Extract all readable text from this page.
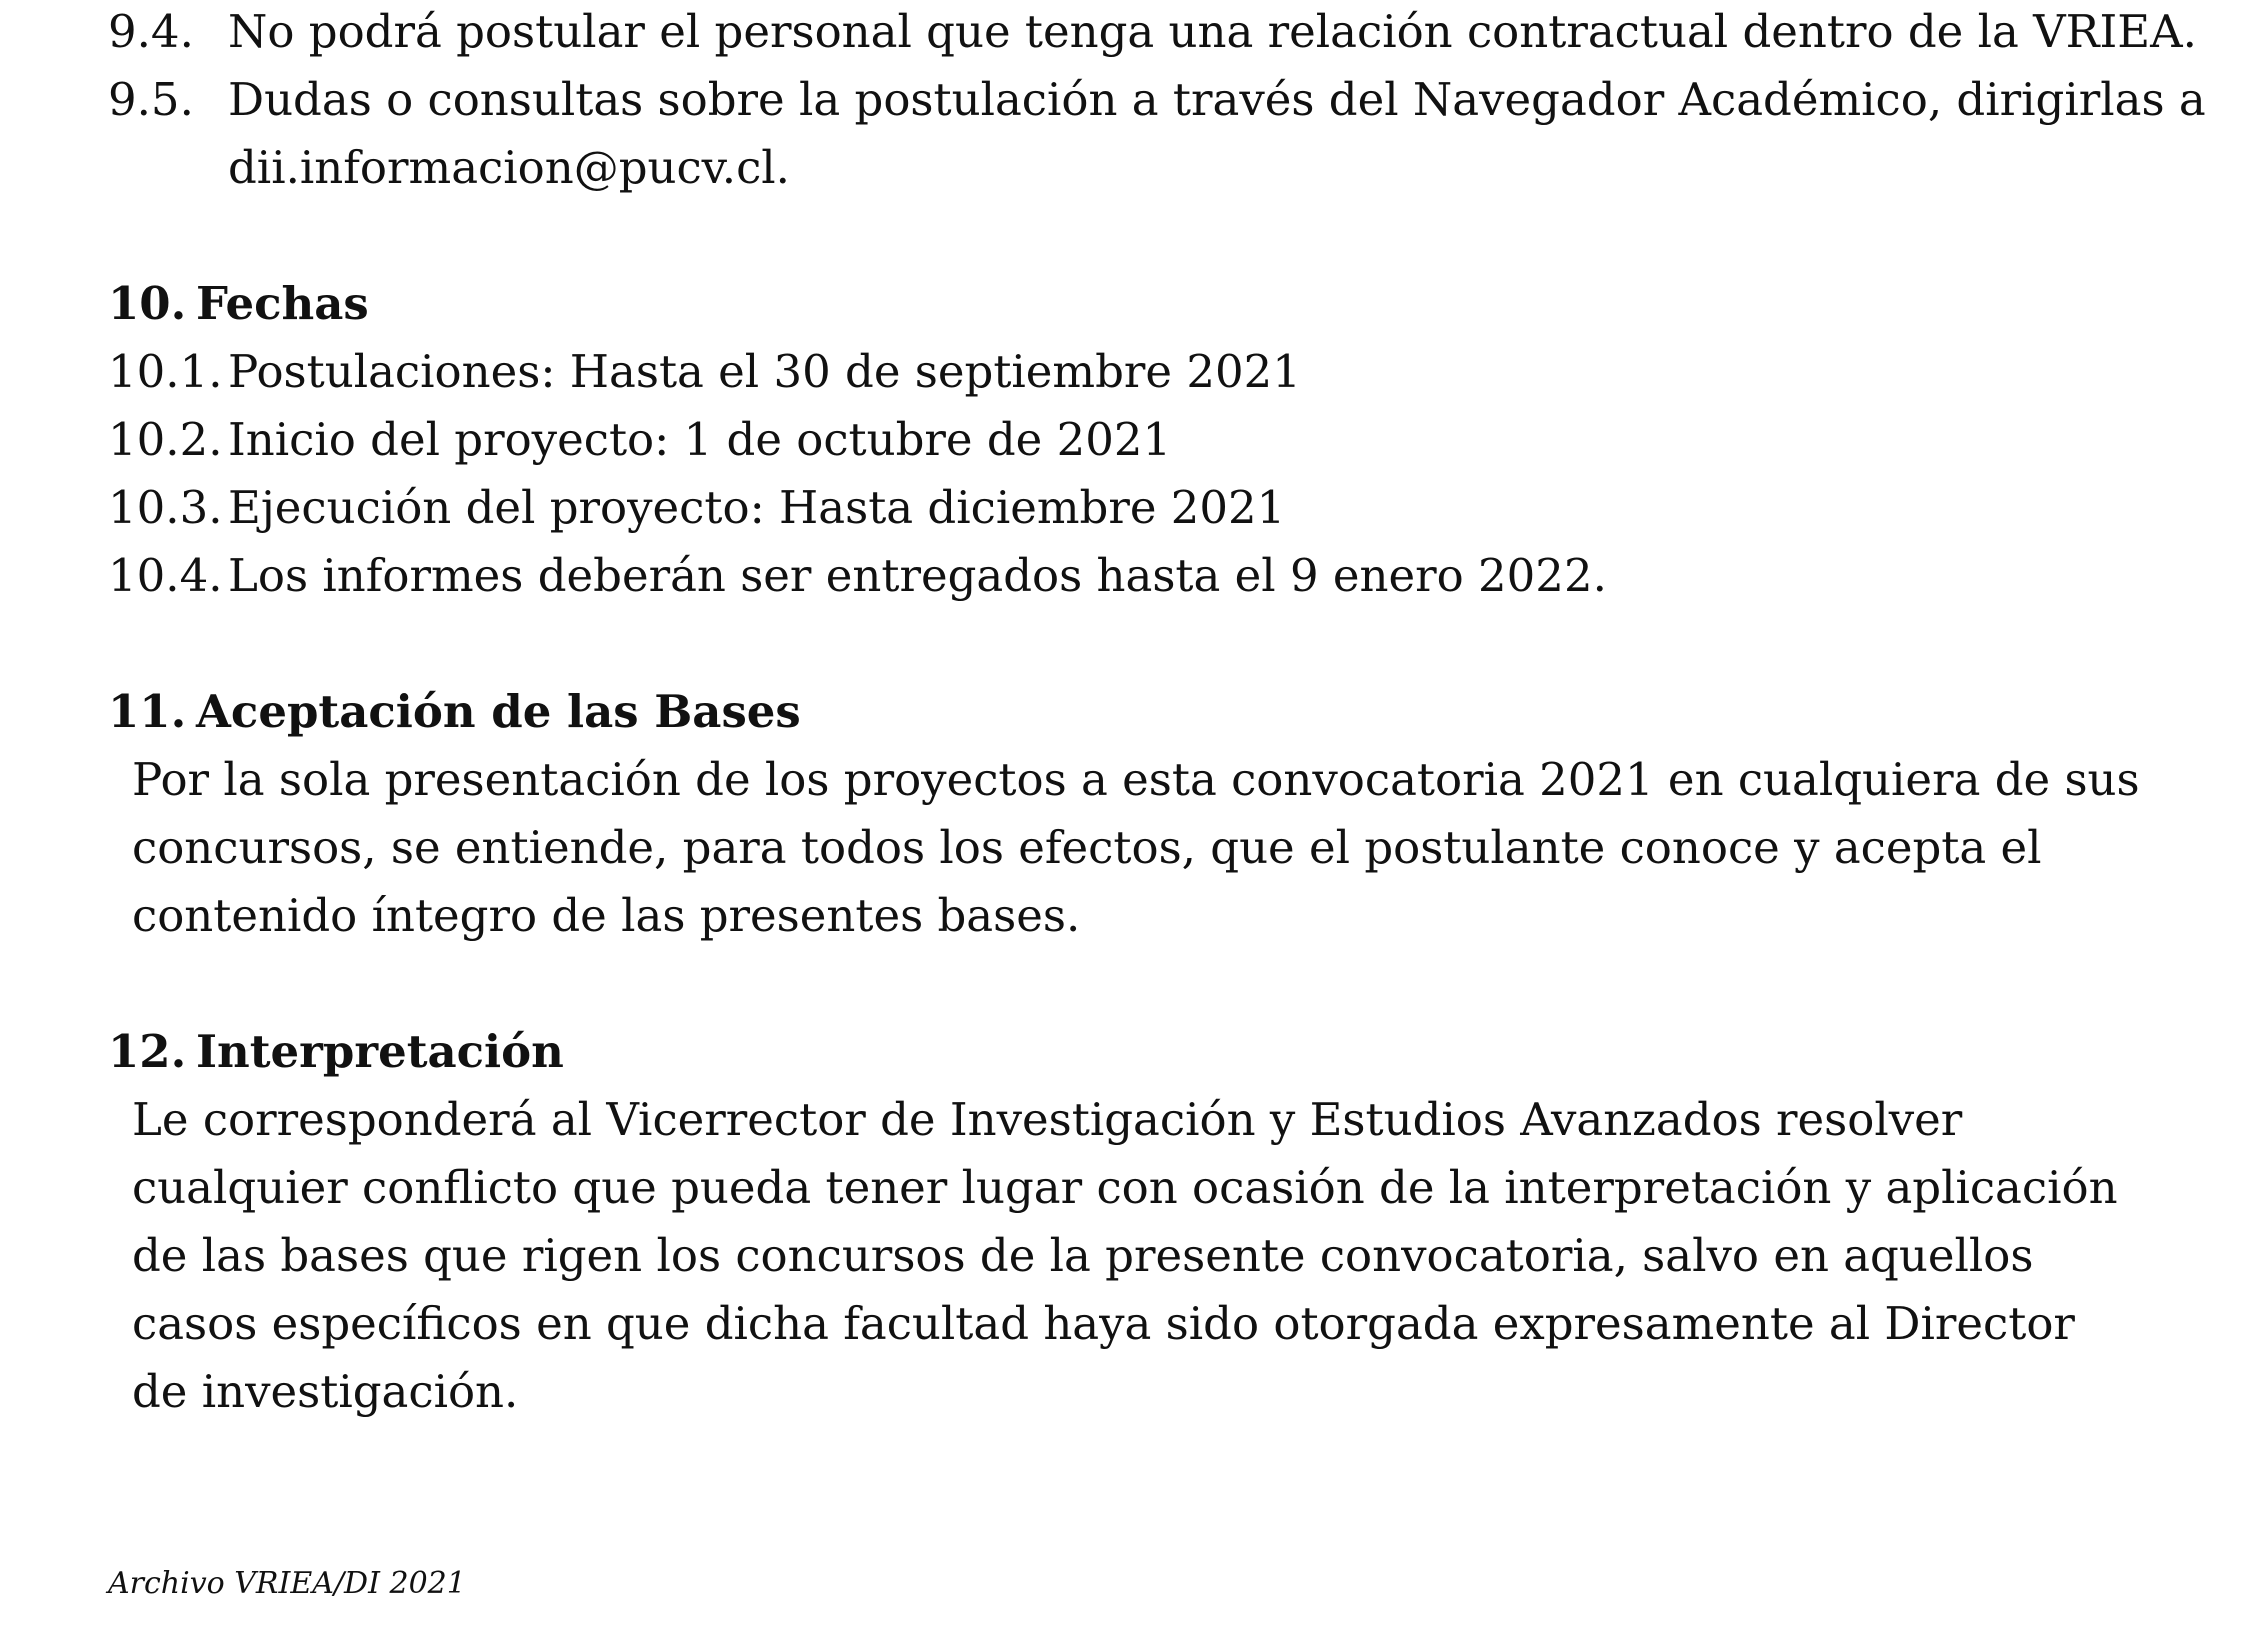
9.4. No podrá postular el personal que tenga una relación contractual dentro de la VRIEA.
9.5. Dudas o consultas sobre la postulación a través del Navegador Académico, dirigirlas a
dii.informacion@pucv.cl.
10. Fechas
10.1. Postulaciones: Hasta el 30 de septiembre 2021
10.2. Inicio del proyecto: 1 de octubre de 2021
10.3. Ejecución del proyecto: Hasta diciembre 2021
10.4. Los informes deberán ser entregados hasta el 9 enero 2022.
11. Aceptación de las Bases
Por la sola presentación de los proyectos a esta convocatoria 2021 en cualquiera de sus
concursos, se entiende, para todos los efectos, que el postulante conoce y acepta el
contenido íntegro de las presentes bases.
12. Interpretación
Le corresponderá al Vicerrector de Investigación y Estudios Avanzados resolver
cualquier conflicto que pueda tener lugar con ocasión de la interpretación y aplicación
de las bases que rigen los concursos de la presente convocatoria, salvo en aquellos
casos específicos en que dicha facultad haya sido otorgada expresamente al Director
de investigación.
Archivo VRIEA/DI 2021
